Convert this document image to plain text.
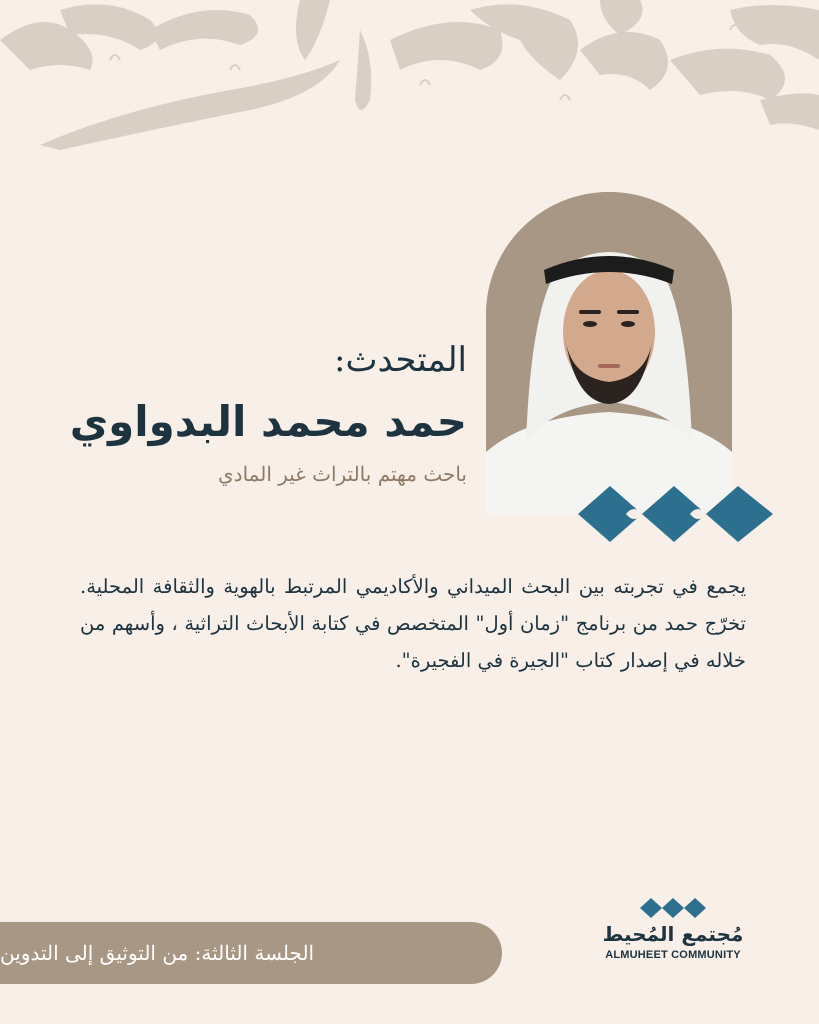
المتحدث:
حمد محمد البدواوي
باحث مهتم بالتراث غير المادي

يجمع في تجربته بين البحث الميداني والأكاديمي المرتبط بالهوية والثقافة المحلية. تخرّج حمد من برنامج "زمان أول" المتخصص في كتابة الأبحاث التراثية ، وأسهم من خلاله في إصدار كتاب "الجيرة في الفجيرة".

الجلسة الثالثة: من التوثيق إلى التدوين
مُجتمع المُحيط
ALMUHEET COMMUNITY
